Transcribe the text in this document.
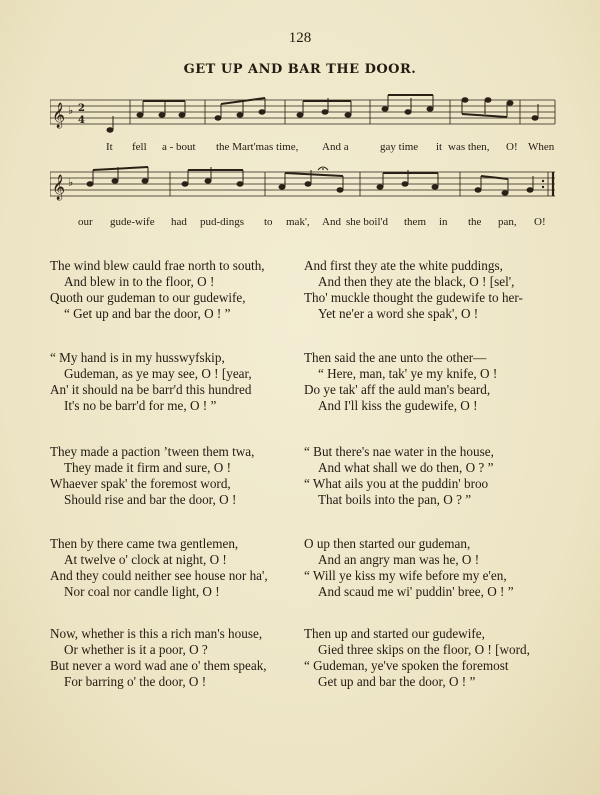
128
GET UP AND BAR THE DOOR.
𝄞 ♭ 2
4
It fell a - bout the Mart'mas time, And a	gay time it was then, O! When
𝄞 ♭
our gude-wife had pud-dings to mak', And she boil'd them in the pan, O!
The wind blew cauld frae north to south,
And blew in to the floor, O !
Quoth our gudeman to our gudewife,
“ Get up and bar the door, O ! ”
“ My hand is in my husswyfskip,
Gudeman, as ye may see, O ! [year,
An' it should na be barr'd this hundred
It's no be barr'd for me, O ! ”
They made a paction ’tween them twa,
They made it firm and sure, O !
Whaever spak' the foremost word,
Should rise and bar the door, O !
Then by there came twa gentlemen,
At twelve o' clock at night, O !
And they could neither see house nor ha',
Nor coal nor candle light, O !
Now, whether is this a rich man's house,
Or whether is it a poor, O ?
But never a word wad ane o' them speak,
For barring o' the door, O !
And first they ate the white puddings,
And then they ate the black, O ! [sel',
Tho' muckle thought the gudewife to her-
Yet ne'er a word she spak', O !
Then said the ane unto the other—
“ Here, man, tak' ye my knife, O !
Do ye tak' aff the auld man's beard,
And I'll kiss the gudewife, O !
“ But there's nae water in the house,
And what shall we do then, O ? ”
“ What ails you at the puddin' broo
That boils into the pan, O ? ”
O up then started our gudeman,
And an angry man was he, O !
“ Will ye kiss my wife before my e'en,
And scaud me wi' puddin' bree, O ! ”
Then up and started our gudewife,
Gied three skips on the floor, O ! [word,
“ Gudeman, ye've spoken the foremost
Get up and bar the door, O ! ”
